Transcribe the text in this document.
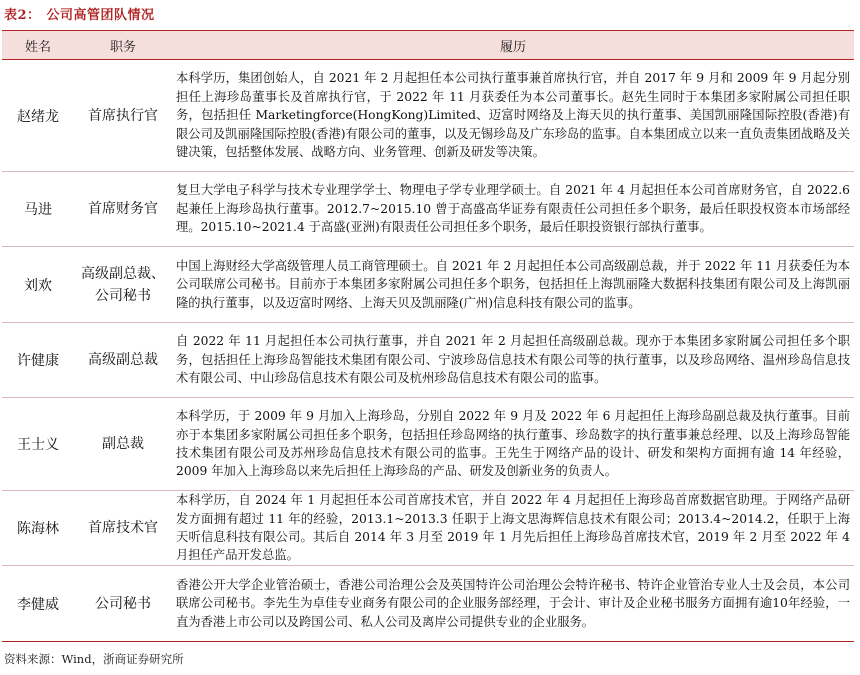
表2： 公司高管团队情况
姓名	职务	履历
赵绪龙	首席执行官	本科学历，集团创始人，自 2021 年 2 月起担任本公司执行董事兼首席执行官，并自 2017 年 9 月和 2009 年 9 月起分别担任上海珍岛董事长及首席执行官，于 2022 年 11 月获委任为本公司董事长。赵先生同时于本集团多家附属公司担任职务，包括担任 Marketingforce(HongKong)Limited、迈富时网络及上海天贝的执行董事、美国凯丽隆国际控股(香港)有限公司及凯丽隆国际控股(香港)有限公司的董事，以及无锡珍岛及广东珍岛的监事。自本集团成立以来一直负责集团战略及关键决策，包括整体发展、战略方向、业务管理、创新及研发等决策。
马进	首席财务官	复旦大学电子科学与技术专业理学学士、物理电子学专业理学硕士。自 2021 年 4 月起担任本公司首席财务官，自 2022.6 起兼任上海珍岛执行董事。2012.7~2015.10 曾于高盛高华证券有限责任公司担任多个职务，最后任职投权资本市场部经理。2015.10~2021.4 于高盛(亚洲)有限责任公司担任多个职务，最后任职投资银行部执行董事。
刘欢	高级副总裁、公司秘书	中国上海财经大学高级管理人员工商管理硕士。自 2021 年 2 月起担任本公司高级副总裁，并于 2022 年 11 月获委任为本公司联席公司秘书。目前亦于本集团多家附属公司担任多个职务，包括担任上海凯丽隆大数据科技集团有限公司及上海凯丽隆的执行董事，以及迈富时网络、上海天贝及凯丽隆(广州)信息科技有限公司的监事。
许健康	高级副总裁	自 2022 年 11 月起担任本公司执行董事，并自 2021 年 2 月起担任高级副总裁。现亦于本集团多家附属公司担任多个职务，包括担任上海珍岛智能技术集团有限公司、宁波珍岛信息技术有限公司等的执行董事，以及珍岛网络、温州珍岛信息技术有限公司、中山珍岛信息技术有限公司及杭州珍岛信息技术有限公司的监事。
王士义	副总裁	本科学历，于 2009 年 9 月加入上海珍岛，分别自 2022 年 9 月及 2022 年 6 月起担任上海珍岛副总裁及执行董事。目前亦于本集团多家附属公司担任多个职务，包括担任珍岛网络的执行董事、珍岛数字的执行董事兼总经理、以及上海珍岛智能技术集团有限公司及苏州珍岛信息技术有限公司的监事。王先生于网络产品的设计、研发和架构方面拥有逾 14 年经验，2009 年加入上海珍岛以来先后担任上海珍岛的产品、研发及创新业务的负责人。
陈海林	首席技术官	本科学历，自 2024 年 1 月起担任本公司首席技术官，并自 2022 年 4 月起担任上海珍岛首席数据官助理。于网络产品研发方面拥有超过 11 年的经验，2013.1~2013.3 任职于上海文思海辉信息技术有限公司；2013.4~2014.2，任职于上海天听信息科技有限公司。其后自 2014 年 3 月至 2019 年 1 月先后担任上海珍岛首席技术官，2019 年 2 月至 2022 年 4 月担任产品开发总监。
李健威	公司秘书	香港公开大学企业管治硕士，香港公司治理公会及英国特许公司治理公会特许秘书、特许企业管治专业人士及会员，本公司联席公司秘书。李先生为卓佳专业商务有限公司的企业服务部经理，于会计、审计及企业秘书服务方面拥有逾10年经验，一直为香港上市公司以及跨国公司、私人公司及离岸公司提供专业的企业服务。
资料来源：Wind，浙商证券研究所
